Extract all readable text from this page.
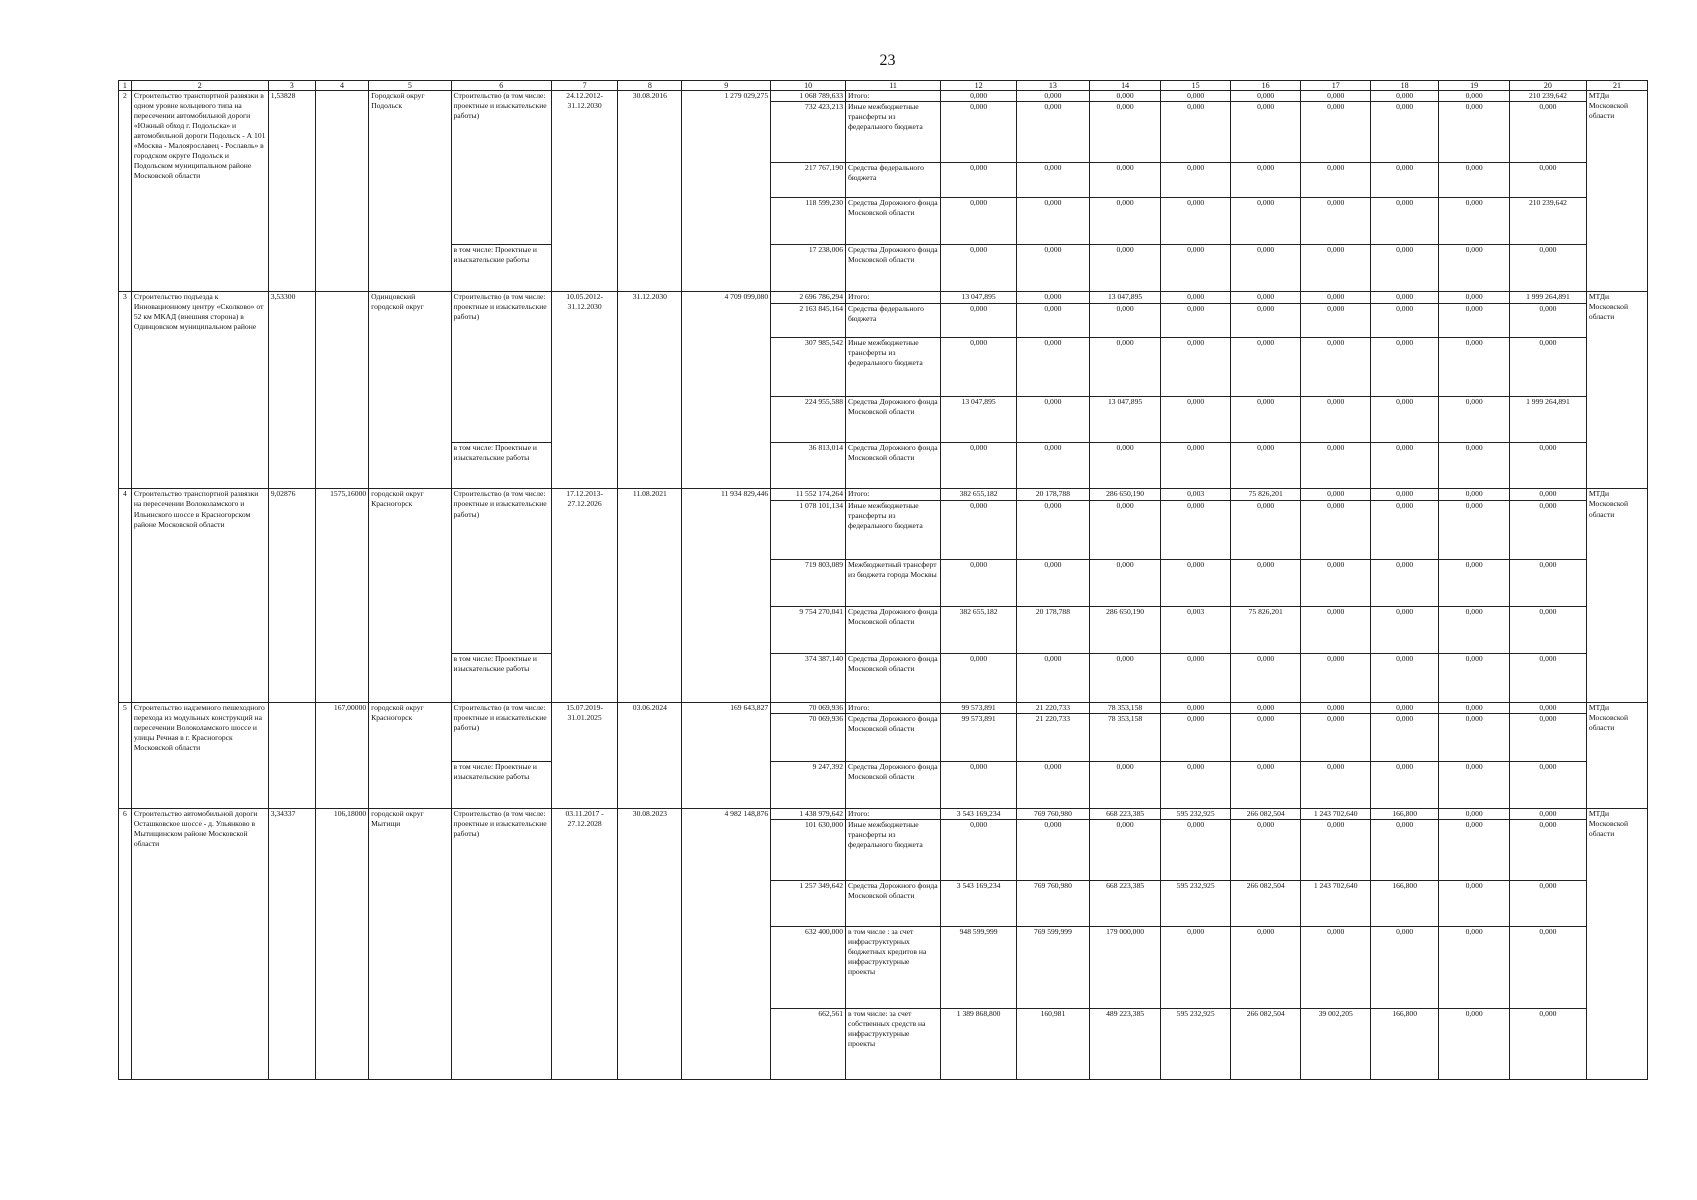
23
1	2	3	4	5	6	7	8	9	10	11	12	13	14	15	16	17	18	19	20	21
2	Строительство транспортной развязки в одном уровне кольцевого типа на пересечении автомобильной дороги «Южный обход г. Подольска» и автомобильной дороги Подольск - А 101 «Москва - Малоярославец - Рославль» в городском округе Подольск и Подольском муниципальном районе Московской области	1,53828		Городской округ Подольск	Строительство (в том числе: проектные и изыскательские работы)	24.12.2012- 31.12.2030	30.08.2016	1 279 029,275	1 068 789,633	Итого:	0,000	0,000	0,000	0,000	0,000	0,000	0,000	0,000	210 239,642	МТДи Московской области
									732 423,213	Иные межбюджетные трансферты из федерального бюджета	0,000	0,000	0,000	0,000	0,000	0,000	0,000	0,000	0,000	
									217 767,190	Средства федерального бюджета	0,000	0,000	0,000	0,000	0,000	0,000	0,000	0,000	0,000	
									118 599,230	Средства Дорожного фонда Московской области	0,000	0,000	0,000	0,000	0,000	0,000	0,000	0,000	210 239,642	
					в том числе: Проектные и изыскательские работы				17 238,006	Средства Дорожного фонда Московской области	0,000	0,000	0,000	0,000	0,000	0,000	0,000	0,000	0,000	
3	Строительство подъезда к Инновационному центру «Сколково» от 52 км МКАД (внешняя сторона) в Одинцовском муниципальном районе	3,53300		Одинцовский городской округ	Строительство (в том числе: проектные и изыскательские работы)	10.05.2012- 31.12.2030	31.12.2030	4 709 099,080	2 696 786,294	Итого:	13 047,895	0,000	13 047,895	0,000	0,000	0,000	0,000	0,000	1 999 264,891	МТДи Московской области
									2 163 845,164	Средства федерального бюджета	0,000	0,000	0,000	0,000	0,000	0,000	0,000	0,000	0,000	
									307 985,542	Иные межбюджетные трансферты из федерального бюджета	0,000	0,000	0,000	0,000	0,000	0,000	0,000	0,000	0,000	
									224 955,588	Средства Дорожного фонда Московской области	13 047,895	0,000	13 047,895	0,000	0,000	0,000	0,000	0,000	1 999 264,891	
					в том числе: Проектные и изыскательские работы				36 813,014	Средства Дорожного фонда Московской области	0,000	0,000	0,000	0,000	0,000	0,000	0,000	0,000	0,000	
4	Строительство транспортной развязки на пересечении Волоколамского и Ильинского шоссе в Красногорском районе Московской области	9,02876	1575,16000	городской округ Красногорск	Строительство (в том числе: проектные и изыскательские работы)	17.12.2013- 27.12.2026	11.08.2021	11 934 829,446	11 552 174,264	Итого:	382 655,182	20 178,788	286 650,190	0,003	75 826,201	0,000	0,000	0,000	0,000	МТДи Московской области
									1 078 101,134	Иные межбюджетные трансферты из федерального бюджета	0,000	0,000	0,000	0,000	0,000	0,000	0,000	0,000	0,000	
									719 803,089	Межбюджетный трансферт из бюджета города Москвы	0,000	0,000	0,000	0,000	0,000	0,000	0,000	0,000	0,000	
									9 754 270,041	Средства Дорожного фонда Московской области	382 655,182	20 178,788	286 650,190	0,003	75 826,201	0,000	0,000	0,000	0,000	
					в том числе: Проектные и изыскательские работы				374 387,140	Средства Дорожного фонда Московской области	0,000	0,000	0,000	0,000	0,000	0,000	0,000	0,000	0,000	
5	Строительство надземного пешеходного перехода из модульных конструкций на пересечении Волоколамского шоссе и улицы Речная в г. Красногорск Московской области		167,00000	городской округ Красногорск	Строительство (в том числе: проектные и изыскательские работы)	15.07.2019- 31.01.2025	03.06.2024	169 643,827	70 069,936	Итого:	99 573,891	21 220,733	78 353,158	0,000	0,000	0,000	0,000	0,000	0,000	МТДи Московской области
									70 069,936	Средства Дорожного фонда Московской области	99 573,891	21 220,733	78 353,158	0,000	0,000	0,000	0,000	0,000	0,000	
					в том числе: Проектные и изыскательские работы				9 247,392	Средства Дорожного фонда Московской области	0,000	0,000	0,000	0,000	0,000	0,000	0,000	0,000	0,000	
6	Строительство автомобильной дороги Осташковское шоссе - д. Ульянково в Мытищинском районе Московской области	3,34337	106,18000	городской округ Мытищи	Строительство (в том числе: проектные и изыскательские работы)	03.11.2017 - 27.12.2028	30.08.2023	4 982 148,876	1 438 979,642	Итого:	3 543 169,234	769 760,980	668 223,385	595 232,925	266 082,504	1 243 702,640	166,800	0,000	0,000	МТДи Московской области
									101 630,000	Иные межбюджетные трансферты из федерального бюджета	0,000	0,000	0,000	0,000	0,000	0,000	0,000	0,000	0,000	
									1 257 349,642	Средства Дорожного фонда Московской области	3 543 169,234	769 760,980	668 223,385	595 232,925	266 082,504	1 243 702,640	166,800	0,000	0,000	
									632 400,000	в том числе : за счет инфраструктурных бюджетных кредитов на инфраструктурные проекты	948 599,999	769 599,999	179 000,000	0,000	0,000	0,000	0,000	0,000	0,000	
									662,561	в том числе: за счет собственных средств на инфраструктурные проекты	1 389 868,800	160,981	489 223,385	595 232,925	266 082,504	39 002,205	166,800	0,000	0,000	
